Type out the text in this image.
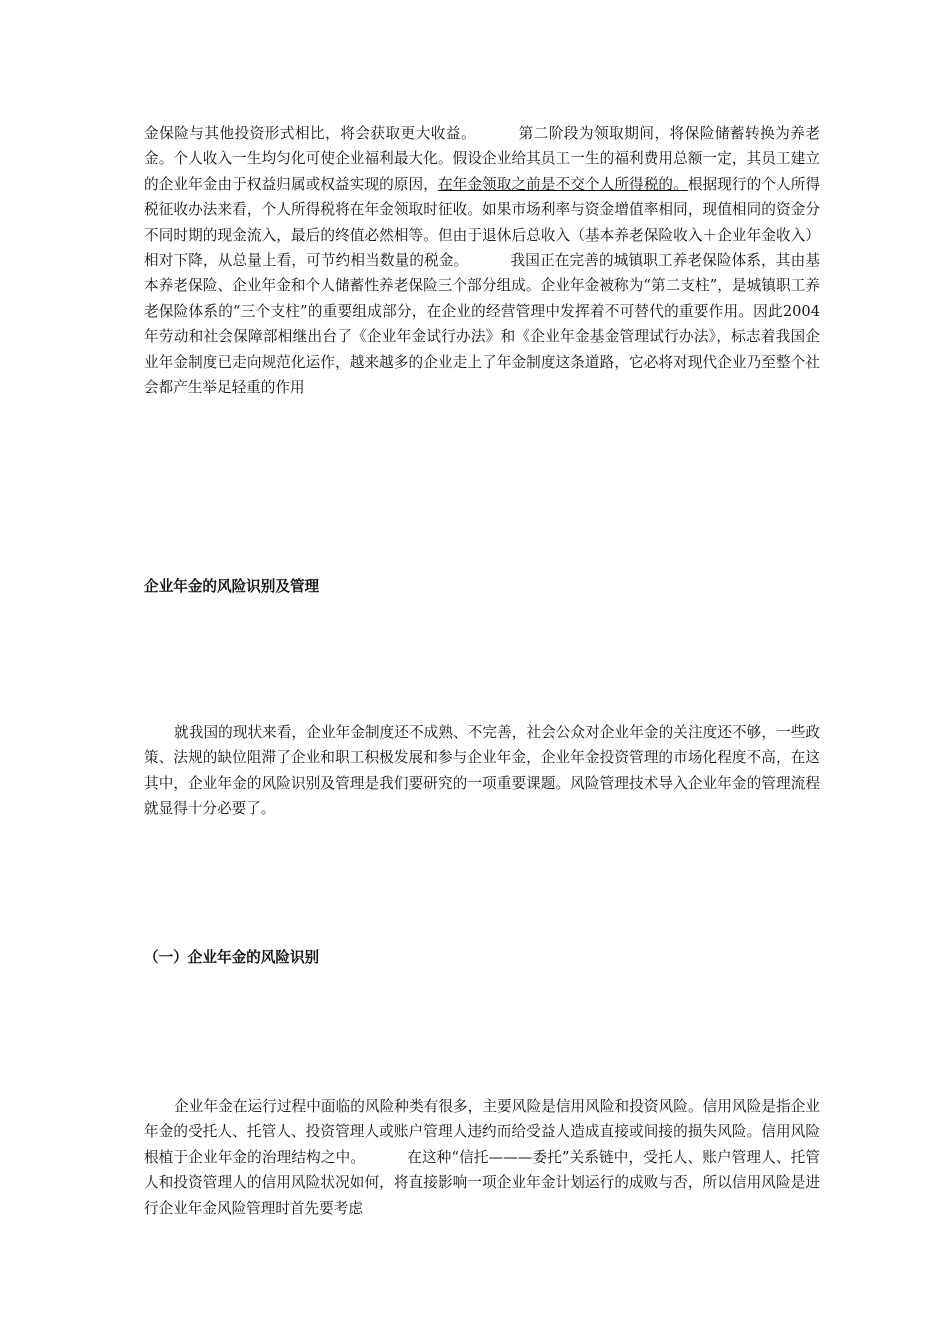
金保险与其他投资形式相比，将会获取更大收益。	第二阶段为领取期间，将保险储蓄转换为养老金。个人收入一生均匀化可使企业福利最大化。假设企业给其员工一生的福利费用总额一定，其员工建立的企业年金由于权益归属或权益实现的原因，在年金领取之前是不交个人所得税的。根据现行的个人所得税征收办法来看，个人所得税将在年金领取时征收。如果市场利率与资金增值率相同，现值相同的资金分不同时期的现金流入，最后的终值必然相等。但由于退休后总收入（基本养老保险收入＋企业年金收入）相对下降，从总量上看，可节约相当数量的税金。	我国正在完善的城镇职工养老保险体系，其由基本养老保险、企业年金和个人储蓄性养老保险三个部分组成。企业年金被称为“第二支柱”，是城镇职工养老保险体系的“三个支柱”的重要组成部分，在企业的经营管理中发挥着不可替代的重要作用。因此2004年劳动和社会保障部相继出台了《企业年金试行办法》和《企业年金基金管理试行办法》，标志着我国企业年金制度已走向规范化运作，越来越多的企业走上了年金制度这条道路，它必将对现代企业乃至整个社会都产生举足轻重的作用

企业年金的风险识别及管理

就我国的现状来看，企业年金制度还不成熟、不完善，社会公众对企业年金的关注度还不够，一些政策、法规的缺位阻滞了企业和职工积极发展和参与企业年金，企业年金投资管理的市场化程度不高，在这其中，企业年金的风险识别及管理是我们要研究的一项重要课题。风险管理技术导入企业年金的管理流程就显得十分必要了。

（一）企业年金的风险识别

企业年金在运行过程中面临的风险种类有很多，主要风险是信用风险和投资风险。信用风险是指企业年金的受托人、托管人、投资管理人或账户管理人违约而给受益人造成直接或间接的损失风险。信用风险根植于企业年金的治理结构之中。	在这种“信托———委托”关系链中，受托人、账户管理人、托管人和投资管理人的信用风险状况如何，将直接影响一项企业年金计划运行的成败与否，所以信用风险是进行企业年金风险管理时首先要考虑
